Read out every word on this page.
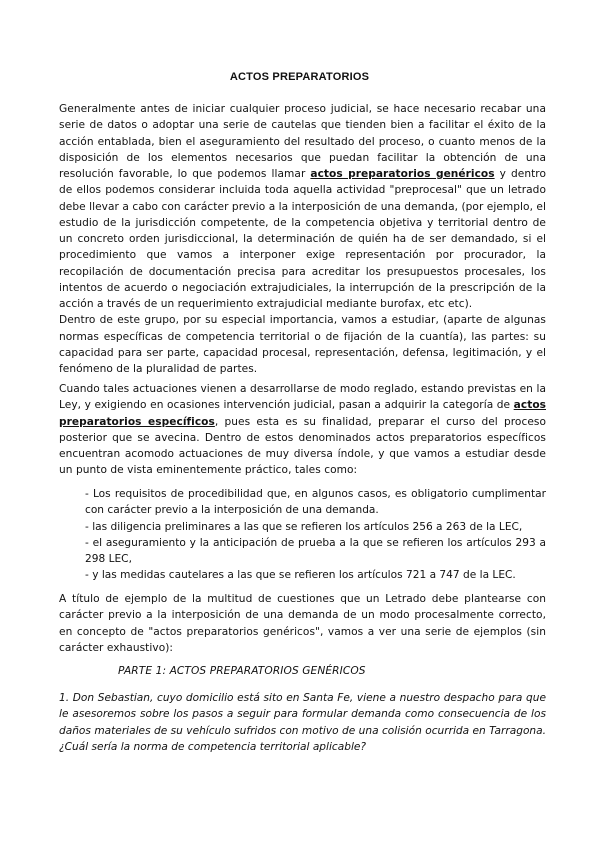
ACTOS PREPARATORIOS
Generalmente antes de iniciar cualquier proceso judicial, se hace necesario recabar una serie de datos o adoptar una serie de cautelas que tienden bien a facilitar el éxito de la acción entablada, bien el aseguramiento del resultado del proceso, o cuanto menos de la disposición de los elementos necesarios que puedan facilitar la obtención de una resolución favorable, lo que podemos llamar actos preparatorios genéricos y dentro de ellos podemos considerar incluida toda aquella actividad "preprocesal" que un letrado debe llevar a cabo con carácter previo a la interposición de una demanda, (por ejemplo, el estudio de la jurisdicción competente, de la competencia objetiva y territorial dentro de un concreto orden jurisdiccional, la determinación de quién ha de ser demandado, si el procedimiento que vamos a interponer exige representación por procurador, la recopilación de documentación precisa para acreditar los presupuestos procesales, los intentos de acuerdo o negociación extrajudiciales, la interrupción de la prescripción de la acción a través de un requerimiento extrajudicial mediante burofax, etc etc).
Dentro de este grupo, por su especial importancia, vamos a estudiar, (aparte de algunas normas específicas de competencia territorial o de fijación de la cuantía), las partes: su capacidad para ser parte, capacidad procesal, representación, defensa, legitimación, y el fenómeno de la pluralidad de partes.
Cuando tales actuaciones vienen a desarrollarse de modo reglado, estando previstas en la Ley, y exigiendo en ocasiones intervención judicial, pasan a adquirir la categoría de actos preparatorios específicos, pues esta es su finalidad, preparar el curso del proceso posterior que se avecina. Dentro de estos denominados actos preparatorios específicos encuentran acomodo actuaciones de muy diversa índole, y que vamos a estudiar desde un punto de vista eminentemente práctico, tales como:

- Los requisitos de procedibilidad que, en algunos casos, es obligatorio cumplimentar con carácter previo a la interposición de una demanda.

- las diligencia preliminares a las que se refieren los artículos 256 a 263 de la LEC,

- el aseguramiento y la anticipación de prueba a la que se refieren los artículos 293 a 298 LEC,

- y las medidas cautelares a las que se refieren los artículos 721 a 747 de la LEC.

A título de ejemplo de la multitud de cuestiones que un Letrado debe plantearse con carácter previo a la interposición de una demanda de un modo procesalmente correcto, en concepto de "actos preparatorios genéricos", vamos a ver una serie de ejemplos (sin carácter exhaustivo):
PARTE 1: ACTOS PREPARATORIOS GENÉRICOS
1. Don Sebastian, cuyo domicilio está sito en Santa Fe, viene a nuestro despacho para que le asesoremos sobre los pasos a seguir para formular demanda como consecuencia de los daños materiales de su vehículo sufridos con motivo de una colisión ocurrida en Tarragona. ¿Cuál sería la norma de competencia territorial aplicable?
